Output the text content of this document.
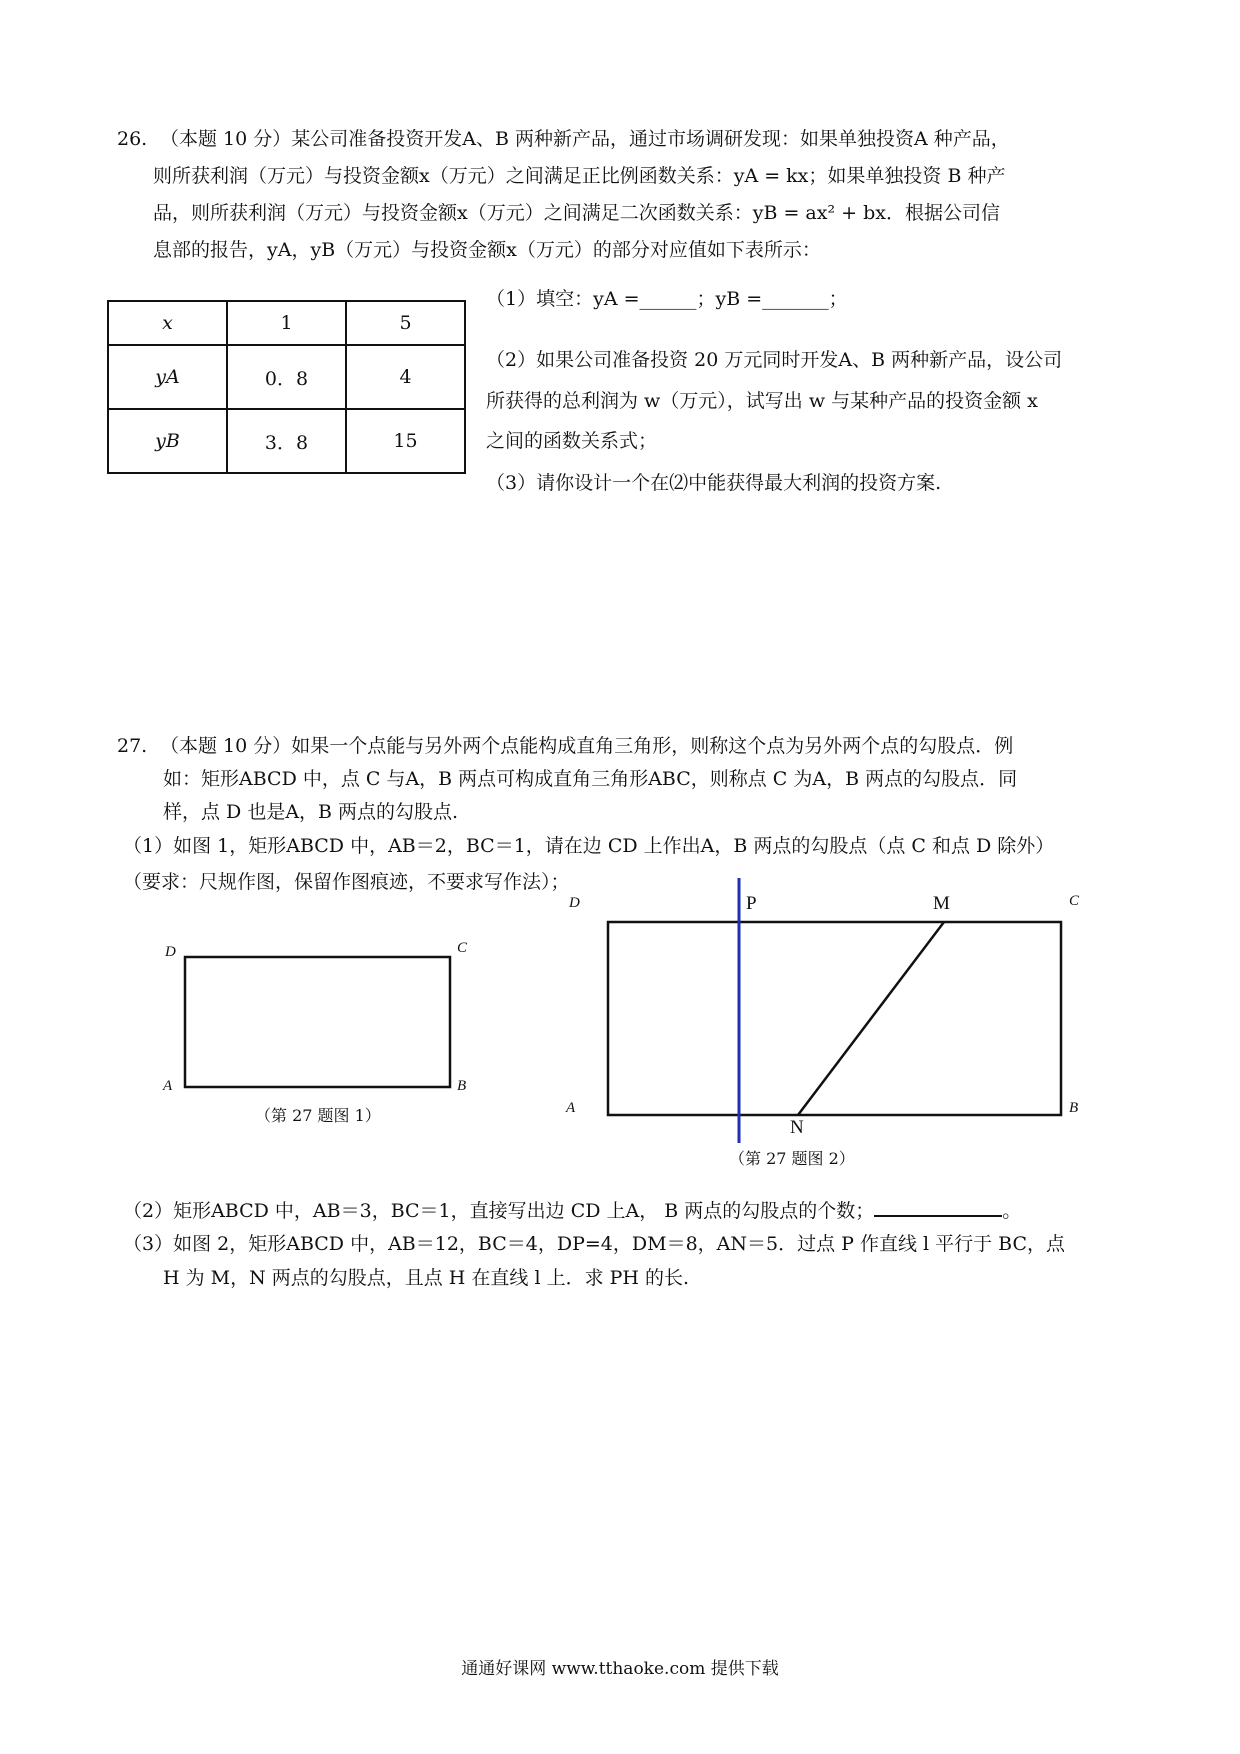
26. （本题 10 分）某公司准备投资开发A、B 两种新产品，通过市场调研发现：如果单独投资A 种产品，
则所获利润（万元）与投资金额x（万元）之间满足正比例函数关系：yA = kx；如果单独投资 B 种产
品，则所获利润（万元）与投资金额x（万元）之间满足二次函数关系：yB = ax² + bx．根据公司信
息部的报告，yA，yB（万元）与投资金额x（万元）的部分对应值如下表所示：
x	1	5
yA	0．8	4
yB	3．8	15
（1）填空：yA =______；yB =_______；
（2）如果公司准备投资 20 万元同时开发A、B 两种新产品，设公司
所获得的总利润为 w（万元），试写出 w 与某种产品的投资金额 x
之间的函数关系式；
（3）请你设计一个在⑵中能获得最大利润的投资方案.
27. （本题 10 分）如果一个点能与另外两个点能构成直角三角形，则称这个点为另外两个点的勾股点．例
如：矩形ABCD 中，点 C 与A，B 两点可构成直角三角形ABC，则称点 C 为A，B 两点的勾股点．同
样，点 D 也是A，B 两点的勾股点.
（1）如图 1，矩形ABCD 中，AB＝2，BC＝1，请在边 CD 上作出A，B 两点的勾股点（点 C 和点 D 除外）
（要求：尺规作图，保留作图痕迹，不要求写作法）；
D	C
A	B
（第 27 题图 1）
D	C
A	B
P	M
N
（第 27 题图 2）
（2）矩形ABCD 中，AB＝3，BC＝1，直接写出边 CD 上A， B 两点的勾股点的个数；	。
（3）如图 2，矩形ABCD 中，AB＝12，BC＝4，DP=4，DM＝8，AN＝5．过点 P 作直线 l 平行于 BC，点
H 为 M，N 两点的勾股点，且点 H 在直线 l 上．求 PH 的长.
通通好课网 www.tthaoke.com 提供下载
